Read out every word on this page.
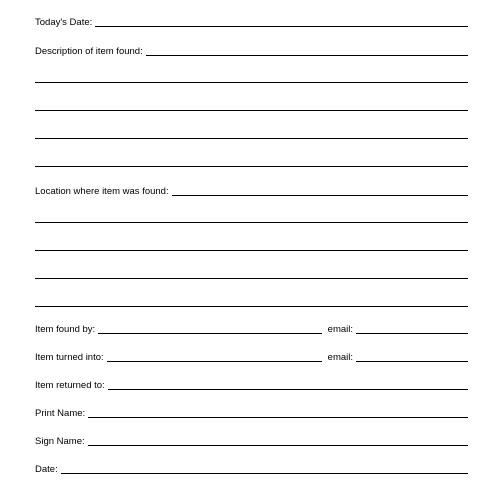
Today's Date:
Description of item found:
Location where item was found:
Item found by:	email:
Item turned into:	email:
Item returned to:
Print Name:
Sign Name:
Date:
